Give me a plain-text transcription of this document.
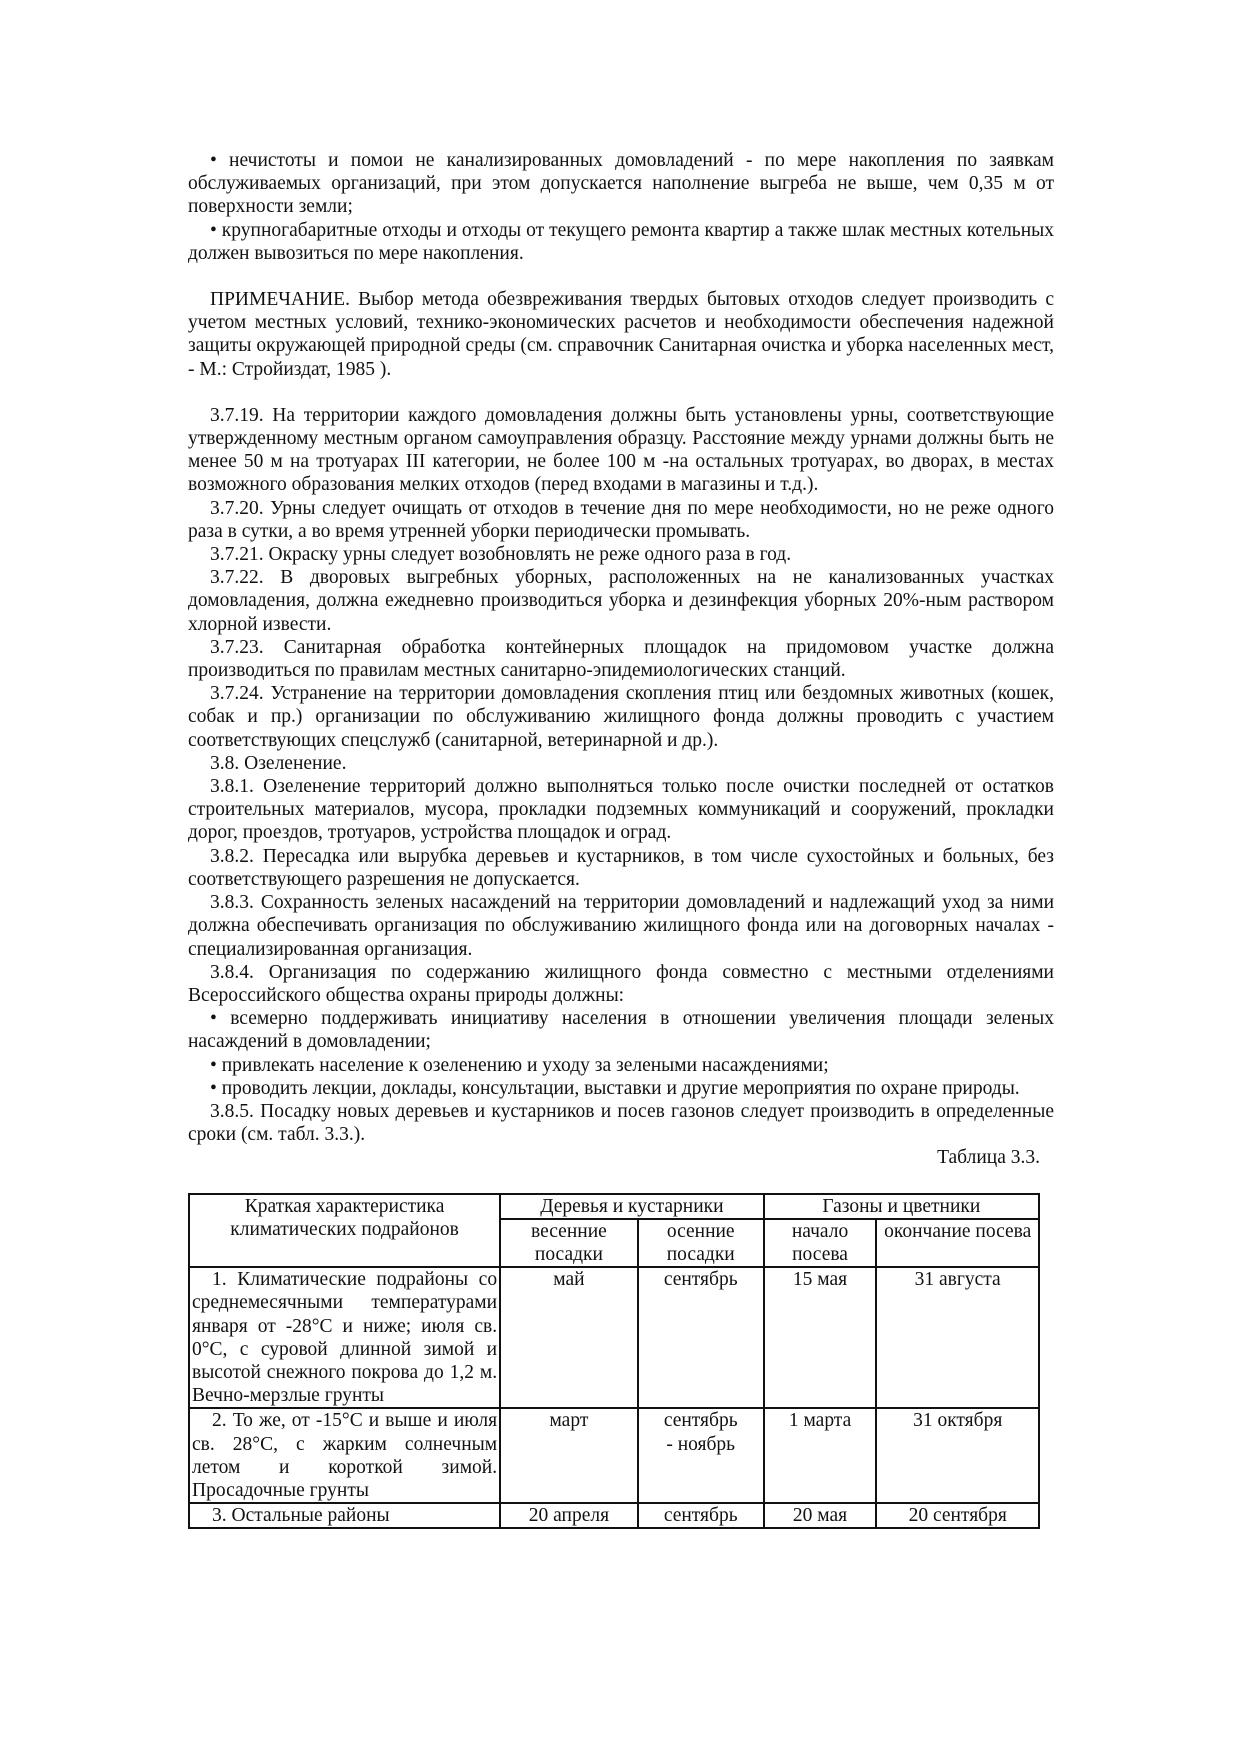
• нечистоты и помои не канализированных домовладений - по мере накопления по заявкам обслуживаемых организаций, при этом допускается наполнение выгреба не выше, чем 0,35 м от поверхности земли;

• крупногабаритные отходы и отходы от текущего ремонта квартир а также шлак местных котельных должен вывозиться по мере накопления.

ПРИМЕЧАНИЕ. Выбор метода обезвреживания твердых бытовых отходов следует производить с учетом местных условий, технико-экономических расчетов и необходимости обеспечения надежной защиты окружающей природной среды (см. справочник Санитарная очистка и уборка населенных мест, - М.: Стройиздат, 1985 ).

3.7.19. На территории каждого домовладения должны быть установлены урны, соответствующие утвержденному местным органом самоуправления образцу. Расстояние между урнами должны быть не менее 50 м на тротуарах III категории, не более 100 м -на остальных тротуарах, во дворах, в местах возможного образования мелких отходов (перед входами в магазины и т.д.).

3.7.20. Урны следует очищать от отходов в течение дня по мере необходимости, но не реже одного раза в сутки, а во время утренней уборки периодически промывать.

3.7.21. Окраску урны следует возобновлять не реже одного раза в год.

3.7.22. В дворовых выгребных уборных, расположенных на не канализованных участках домовладения, должна ежедневно производиться уборка и дезинфекция уборных 20%-ным раствором хлорной извести.

3.7.23. Санитарная обработка контейнерных площадок на придомовом участке должна производиться по правилам местных санитарно-эпидемиологических станций.

3.7.24. Устранение на территории домовладения скопления птиц или бездомных животных (кошек, собак и пр.) организации по обслуживанию жилищного фонда должны проводить с участием соответствующих спецслужб (санитарной, ветеринарной и др.).

3.8. Озеленение.

3.8.1. Озеленение территорий должно выполняться только после очистки последней от остатков строительных материалов, мусора, прокладки подземных коммуникаций и сооружений, прокладки дорог, проездов, тротуаров, устройства площадок и оград.

3.8.2. Пересадка или вырубка деревьев и кустарников, в том числе сухостойных и больных, без соответствующего разрешения не допускается.

3.8.3. Сохранность зеленых насаждений на территории домовладений и надлежащий уход за ними должна обеспечивать организация по обслуживанию жилищного фонда или на договорных началах - специализированная организация.

3.8.4. Организация по содержанию жилищного фонда совместно с местными отделениями Всероссийского общества охраны природы должны:

• всемерно поддерживать инициативу населения в отношении увеличения площади зеленых насаждений в домовладении;

• привлекать население к озеленению и уходу за зелеными насаждениями;

• проводить лекции, доклады, консультации, выставки и другие мероприятия по охране природы.

3.8.5. Посадку новых деревьев и кустарников и посев газонов следует производить в определенные сроки (см. табл. 3.3.).

Таблица 3.3.

Краткая характеристика климатических подрайонов	Деревья и кустарники		Газоны и цветники	
	весенние посадки	осенние посадки	начало посева	окончание посева
1. Климатические подрайоны со среднемесячными температурами января от -28°С и ниже; июля св. 0°С, с суровой длинной зимой и высотой снежного покрова до 1,2 м. Вечно-мерзлые грунты	май	сентябрь	15 мая	31 августа
2. То же, от -15°С и выше и июля св. 28°С, с жарким солнечным летом и короткой зимой. Просадочные грунты	март	сентябрь - ноябрь	1 марта	31 октября
3. Остальные районы	20 апреля	сентябрь	20 мая	20 сентября
